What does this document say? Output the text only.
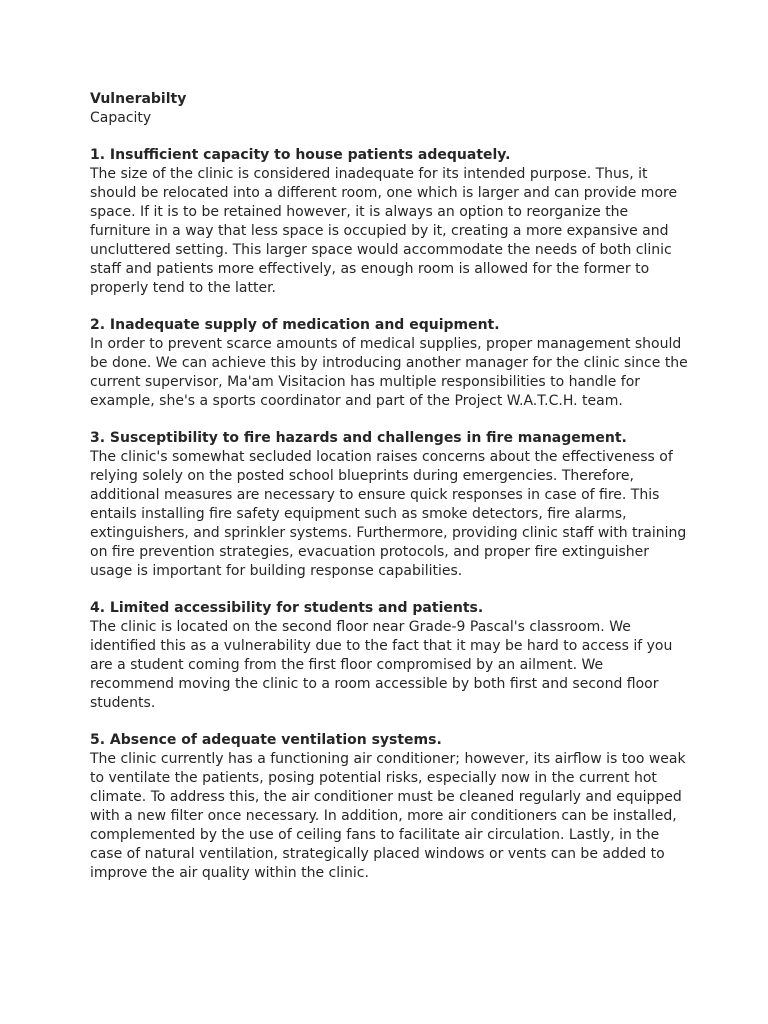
Vulnerabilty

Capacity

1. Insufficient capacity to house patients adequately.

The size of the clinic is considered inadequate for its intended purpose. Thus, it should be relocated into a different room, one which is larger and can provide more space. If it is to be retained however, it is always an option to reorganize the furniture in a way that less space is occupied by it, creating a more expansive and uncluttered setting. This larger space would accommodate the needs of both clinic staff and patients more effectively, as enough room is allowed for the former to properly tend to the latter.

2. Inadequate supply of medication and equipment.

In order to prevent scarce amounts of medical supplies, proper management should be done. We can achieve this by introducing another manager for the clinic since the current supervisor, Ma'am Visitacion has multiple responsibilities to handle for example, she's a sports coordinator and part of the Project W.A.T.C.H. team.

3. Susceptibility to fire hazards and challenges in fire management.

The clinic's somewhat secluded location raises concerns about the effectiveness of relying solely on the posted school blueprints during emergencies. Therefore, additional measures are necessary to ensure quick responses in case of fire. This entails installing fire safety equipment such as smoke detectors, fire alarms, extinguishers, and sprinkler systems. Furthermore, providing clinic staff with training on fire prevention strategies, evacuation protocols, and proper fire extinguisher usage is important for building response capabilities.

4. Limited accessibility for students and patients.

The clinic is located on the second floor near Grade-9 Pascal's classroom. We identified this as a vulnerability due to the fact that it may be hard to access if you are a student coming from the first floor compromised by an ailment. We recommend moving the clinic to a room accessible by both first and second floor students.

5. Absence of adequate ventilation systems.

The clinic currently has a functioning air conditioner; however, its airflow is too weak to ventilate the patients, posing potential risks, especially now in the current hot climate. To address this, the air conditioner must be cleaned regularly and equipped with a new filter once necessary. In addition, more air conditioners can be installed, complemented by the use of ceiling fans to facilitate air circulation. Lastly, in the case of natural ventilation, strategically placed windows or vents can be added to improve the air quality within the clinic.
